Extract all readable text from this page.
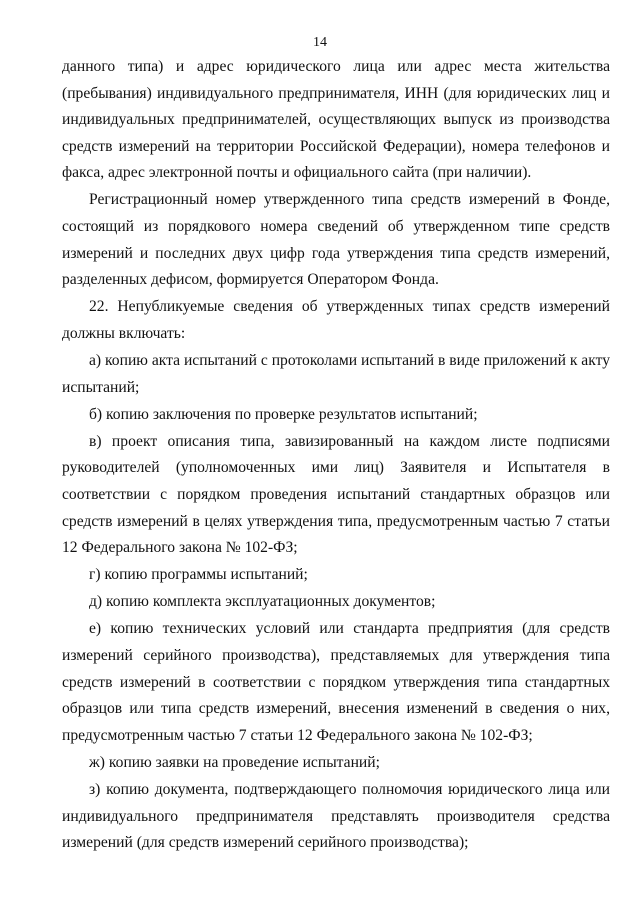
14

данного типа) и адрес юридического лица или адрес места жительства (пребывания) индивидуального предпринимателя, ИНН (для юридических лиц и индивидуальных предпринимателей, осуществляющих выпуск из производства средств измерений на территории Российской Федерации), номера телефонов и факса, адрес электронной почты и официального сайта (при наличии).

Регистрационный номер утвержденного типа средств измерений в Фонде, состоящий из порядкового номера сведений об утвержденном типе средств измерений и последних двух цифр года утверждения типа средств измерений, разделенных дефисом, формируется Оператором Фонда.

22. Непубликуемые сведения об утвержденных типах средств измерений должны включать:

а) копию акта испытаний с протоколами испытаний в виде приложений к акту испытаний;

б) копию заключения по проверке результатов испытаний;

в) проект описания типа, завизированный на каждом листе подписями руководителей (уполномоченных ими лиц) Заявителя и Испытателя в соответствии с порядком проведения испытаний стандартных образцов или средств измерений в целях утверждения типа, предусмотренным частью 7 статьи 12 Федерального закона № 102-ФЗ;

г) копию программы испытаний;

д) копию комплекта эксплуатационных документов;

е) копию технических условий или стандарта предприятия (для средств измерений серийного производства), представляемых для утверждения типа средств измерений в соответствии с порядком утверждения типа стандартных образцов или типа средств измерений, внесения изменений в сведения о них, предусмотренным частью 7 статьи 12 Федерального закона № 102-ФЗ;

ж) копию заявки на проведение испытаний;

з) копию документа, подтверждающего полномочия юридического лица или индивидуального предпринимателя представлять производителя средства измерений (для средств измерений серийного производства);
